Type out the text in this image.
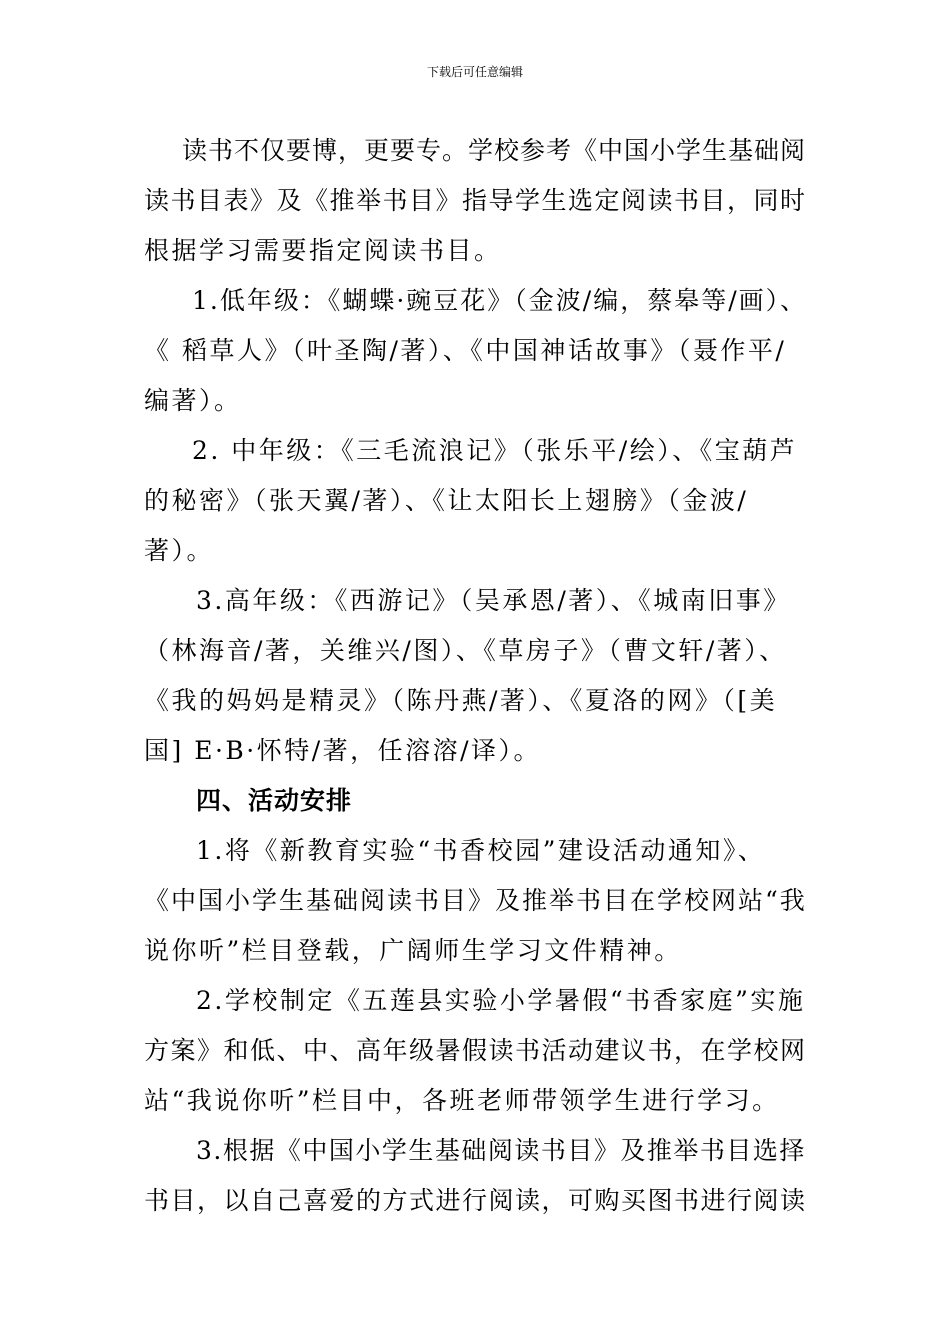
下载后可任意编辑
读书不仅要博，更要专。学校参考《中国小学生基础阅
读书目表》及《推举书目》指导学生选定阅读书目，同时
根据学习需要指定阅读书目。
1.低年级：《蝴蝶·豌豆花》（金波/编，蔡皋等/画）、
《 稻草人》（叶圣陶/著）、《中国神话故事》（聂作平/
编著）。
2. 中年级：《三毛流浪记》（张乐平/绘）、《宝葫芦
的秘密》（张天翼/著）、《让太阳长上翅膀》（金波/
著）。
3.高年级：《西游记》（吴承恩/著）、《城南旧事》
（林海音/著，关维兴/图）、《草房子》（曹文轩/著）、
《我的妈妈是精灵》（陈丹燕/著）、《夏洛的网》（[美
国] E·B·怀特/著，任溶溶/译）。
四、活动安排
1.将《新教育实验“书香校园”建设活动通知》、
《中国小学生基础阅读书目》及推举书目在学校网站“我
说你听”栏目登载，广阔师生学习文件精神。
2.学校制定《五莲县实验小学暑假“书香家庭”实施
方案》和低、中、高年级暑假读书活动建议书，在学校网
站“我说你听”栏目中，各班老师带领学生进行学习。
3.根据《中国小学生基础阅读书目》及推举书目选择
书目，以自己喜爱的方式进行阅读，可购买图书进行阅读
